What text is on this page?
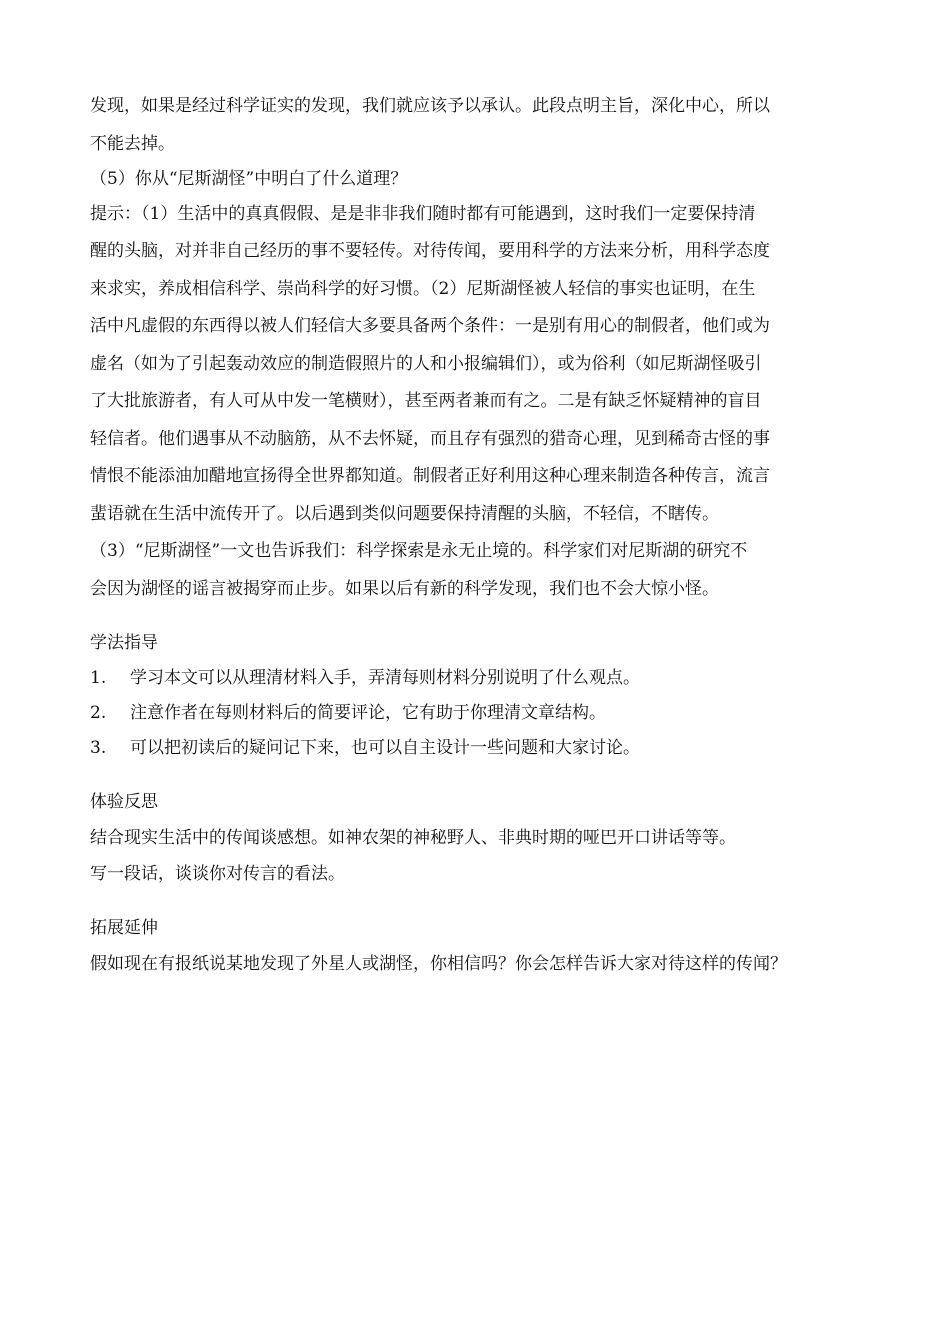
发现，如果是经过科学证实的发现，我们就应该予以承认。此段点明主旨，深化中心，所以
不能去掉。
（5）你从“尼斯湖怪”中明白了什么道理？
提示：（1）生活中的真真假假、是是非非我们随时都有可能遇到，这时我们一定要保持清
醒的头脑，对并非自己经历的事不要轻传。对待传闻，要用科学的方法来分析，用科学态度
来求实，养成相信科学、崇尚科学的好习惯。（2）尼斯湖怪被人轻信的事实也证明，在生
活中凡虚假的东西得以被人们轻信大多要具备两个条件：一是别有用心的制假者，他们或为
虚名（如为了引起轰动效应的制造假照片的人和小报编辑们），或为俗利（如尼斯湖怪吸引
了大批旅游者，有人可从中发一笔横财），甚至两者兼而有之。二是有缺乏怀疑精神的盲目
轻信者。他们遇事从不动脑筋，从不去怀疑，而且存有强烈的猎奇心理，见到稀奇古怪的事
情恨不能添油加醋地宣扬得全世界都知道。制假者正好利用这种心理来制造各种传言，流言
蜚语就在生活中流传开了。以后遇到类似问题要保持清醒的头脑，不轻信，不瞎传。
（3）“尼斯湖怪”一文也告诉我们：科学探索是永无止境的。科学家们对尼斯湖的研究不
会因为湖怪的谣言被揭穿而止步。如果以后有新的科学发现，我们也不会大惊小怪。
学法指导
1.	学习本文可以从理清材料入手，弄清每则材料分别说明了什么观点。
2.	注意作者在每则材料后的简要评论，它有助于你理清文章结构。
3.	可以把初读后的疑问记下来，也可以自主设计一些问题和大家讨论。
体验反思
结合现实生活中的传闻谈感想。如神农架的神秘野人、非典时期的哑巴开口讲话等等。
写一段话，谈谈你对传言的看法。
拓展延伸
假如现在有报纸说某地发现了外星人或湖怪，你相信吗？你会怎样告诉大家对待这样的传闻？
